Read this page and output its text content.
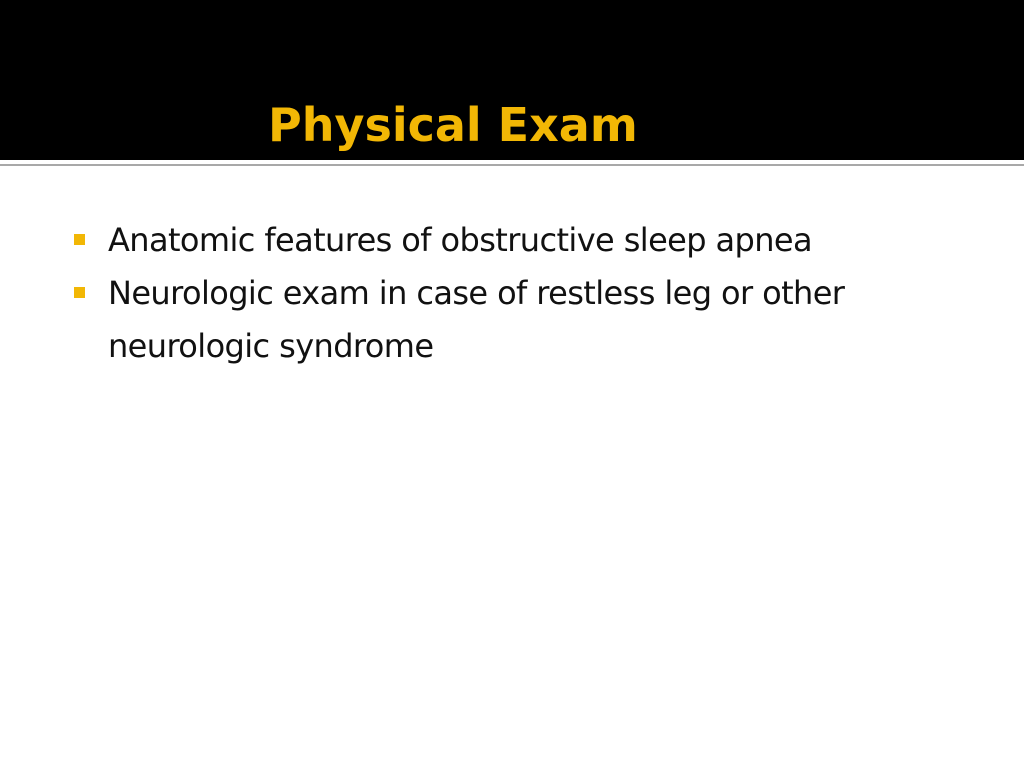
Physical Exam
Anatomic features of obstructive sleep apnea
Neurologic exam in case of restless leg or other neurologic syndrome
